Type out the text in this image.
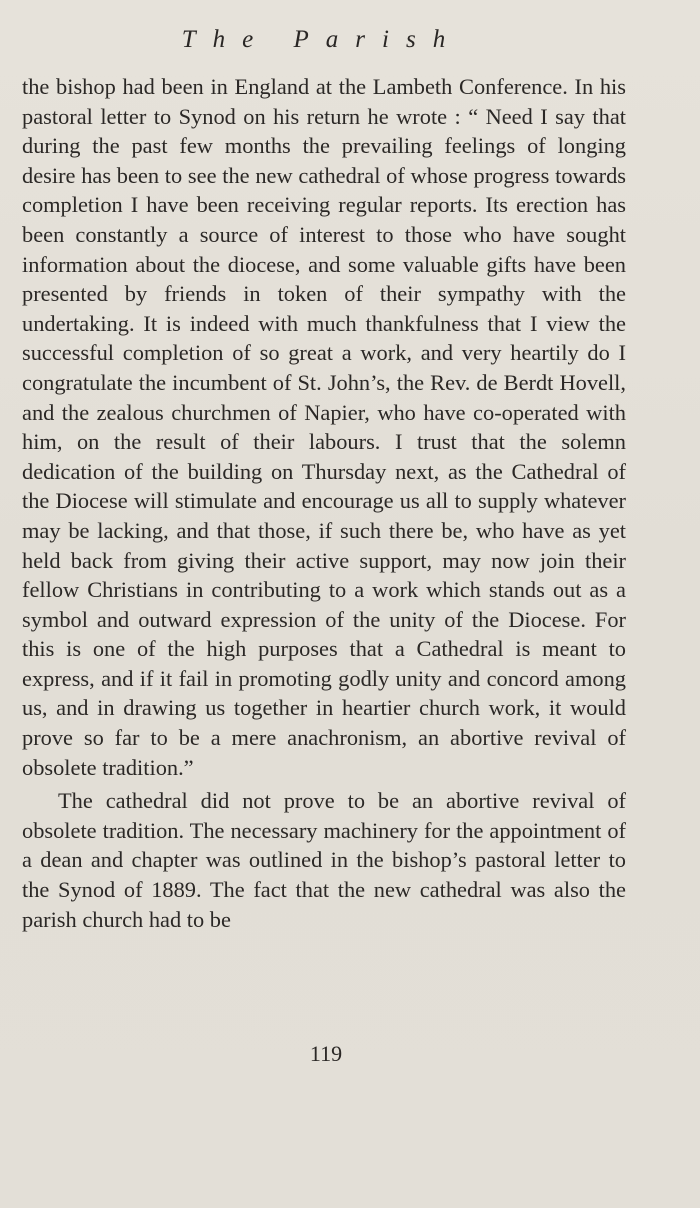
The Parish

the bishop had been in England at the Lambeth Conference. In his pastoral letter to Synod on his return he wrote : “ Need I say that during the past few months the prevailing feelings of longing desire has been to see the new cathedral of whose progress towards completion I have been receiving regular reports. Its erection has been constantly a source of interest to those who have sought information about the diocese, and some valuable gifts have been presented by friends in token of their sympathy with the undertaking. It is indeed with much thankfulness that I view the successful completion of so great a work, and very heartily do I congratulate the incumbent of St. John’s, the Rev. de Berdt Hovell, and the zealous churchmen of Napier, who have co-operated with him, on the result of their labours. I trust that the solemn dedication of the building on Thursday next, as the Cathedral of the Diocese will stimulate and encourage us all to supply whatever may be lacking, and that those, if such there be, who have as yet held back from giving their active support, may now join their fellow Christians in contributing to a work which stands out as a symbol and outward expression of the unity of the Diocese. For this is one of the high purposes that a Cathedral is meant to express, and if it fail in promoting godly unity and concord among us, and in drawing us together in heartier church work, it would prove so far to be a mere anachronism, an abortive revival of obsolete tradition.”

The cathedral did not prove to be an abortive revival of obsolete tradition. The necessary machinery for the appointment of a dean and chapter was outlined in the bishop’s pastoral letter to the Synod of 1889. The fact that the new cathedral was also the parish church had to be

119
